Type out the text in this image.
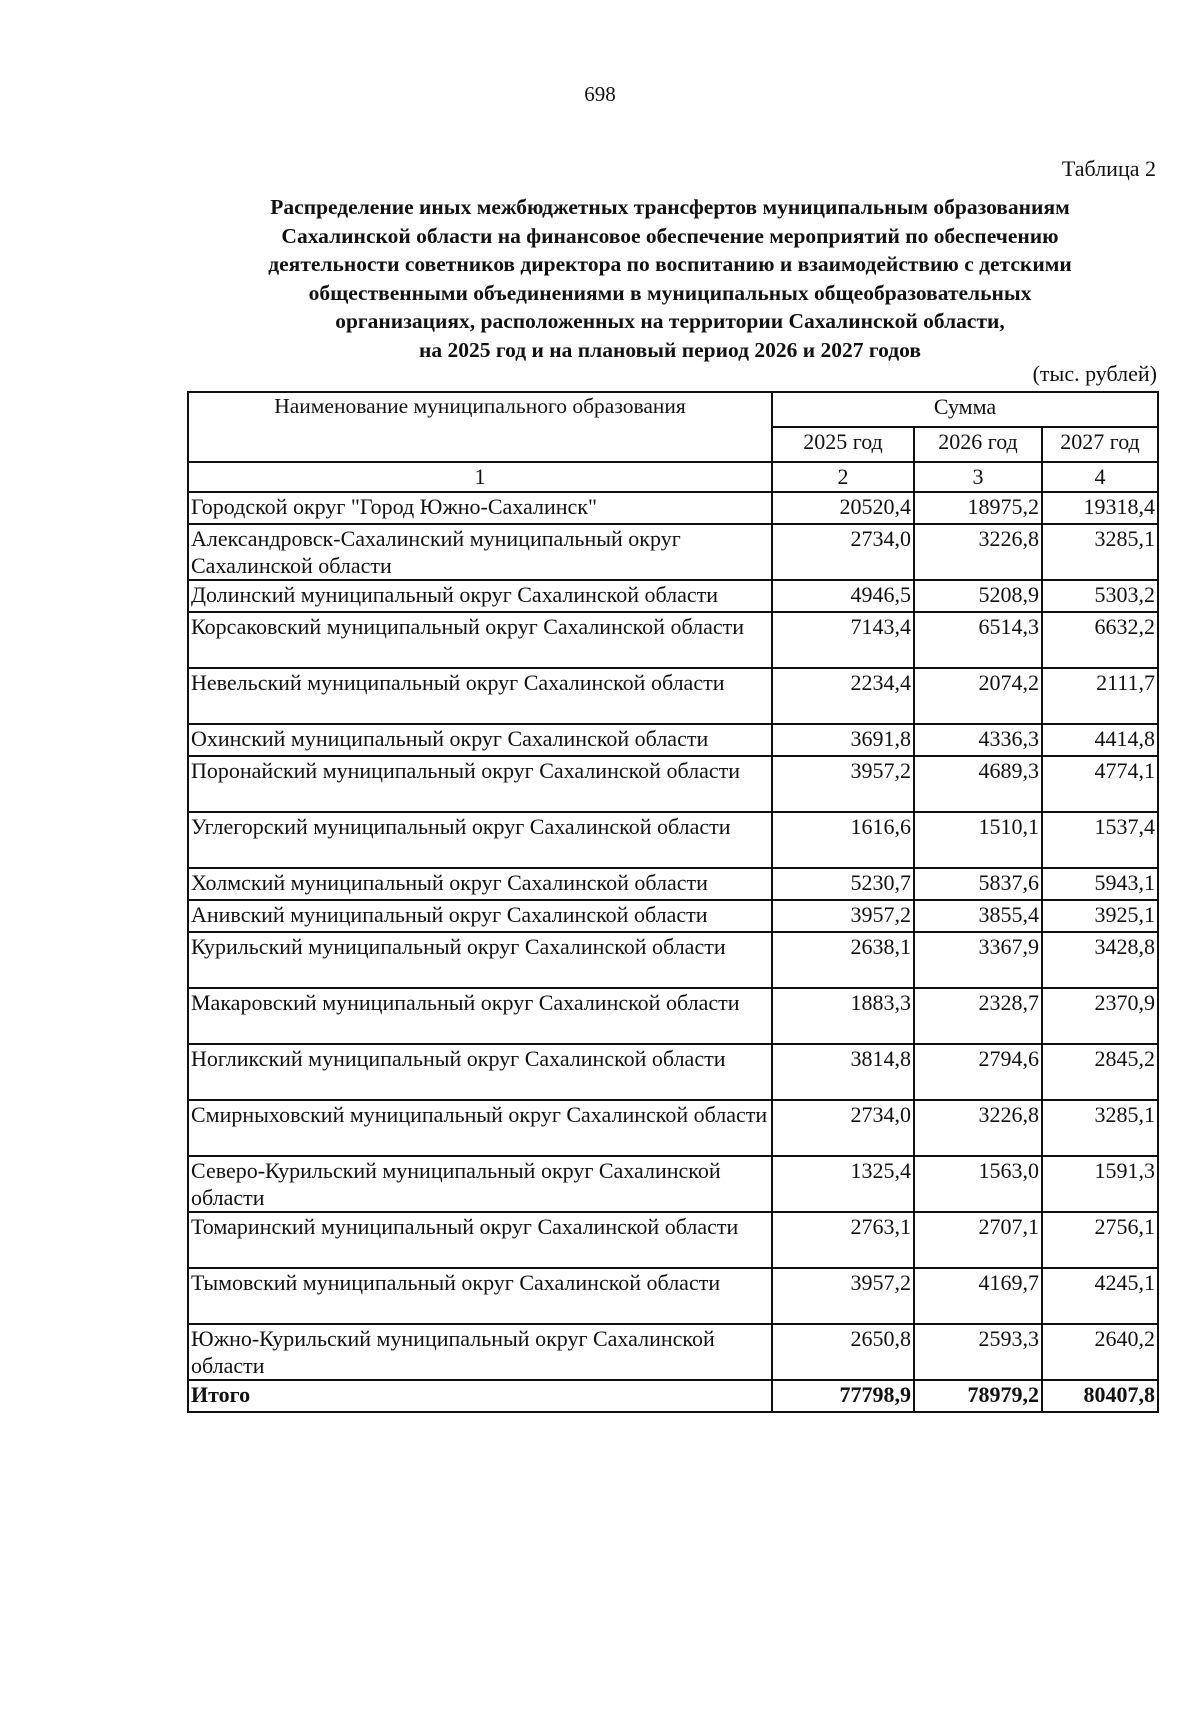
698
Таблица 2
Распределение иных межбюджетных трансфертов муниципальным образованиям
Сахалинской области на финансовое обеспечение мероприятий по обеспечению
деятельности советников директора по воспитанию и взаимодействию с детскими
общественными объединениями в муниципальных общеобразовательных
организациях, расположенных на территории Сахалинской области,
на 2025 год и на плановый период 2026 и 2027 годов
(тыс. рублей)
Наименование муниципального образования	Сумма		
	2025 год	2026 год	2027 год
1	2	3	4
Городской округ "Город Южно-Сахалинск"	20520,4	18975,2	19318,4
Александровск-Сахалинский муниципальный округ Сахалинской области	2734,0	3226,8	3285,1
Долинский муниципальный округ Сахалинской области	4946,5	5208,9	5303,2
Корсаковский муниципальный округ Сахалинской области	7143,4	6514,3	6632,2
Невельский муниципальный округ Сахалинской области	2234,4	2074,2	2111,7
Охинский муниципальный округ Сахалинской области	3691,8	4336,3	4414,8
Поронайский муниципальный округ Сахалинской области	3957,2	4689,3	4774,1
Углегорский муниципальный округ Сахалинской области	1616,6	1510,1	1537,4
Холмский муниципальный округ Сахалинской области	5230,7	5837,6	5943,1
Анивский муниципальный округ Сахалинской области	3957,2	3855,4	3925,1
Курильский муниципальный округ Сахалинской области	2638,1	3367,9	3428,8
Макаровский муниципальный округ Сахалинской области	1883,3	2328,7	2370,9
Ногликский муниципальный округ Сахалинской области	3814,8	2794,6	2845,2
Смирныховский муниципальный округ Сахалинской области	2734,0	3226,8	3285,1
Северо-Курильский муниципальный округ Сахалинской области	1325,4	1563,0	1591,3
Томаринский муниципальный округ Сахалинской области	2763,1	2707,1	2756,1
Тымовский муниципальный округ Сахалинской области	3957,2	4169,7	4245,1
Южно-Курильский муниципальный округ Сахалинской области	2650,8	2593,3	2640,2
Итого	77798,9	78979,2	80407,8
